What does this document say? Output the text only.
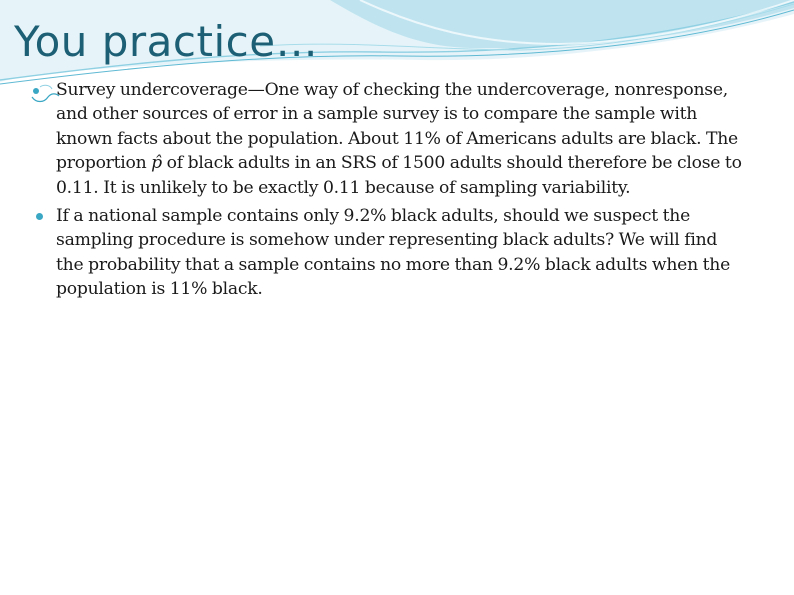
You practice…

Survey undercoverage—One way of checking the undercoverage, nonresponse, and other sources of error in a sample survey is to compare the sample with known facts about the population. About 11% of Americans adults are black. The proportion p̂ of black adults in an SRS of 1500 adults should therefore be close to 0.11. It is unlikely to be exactly 0.11 because of sampling variability.

If a national sample contains only 9.2% black adults, should we suspect the sampling procedure is somehow under representing black adults? We will find the probability that a sample contains no more than 9.2% black adults when the population is 11% black.
